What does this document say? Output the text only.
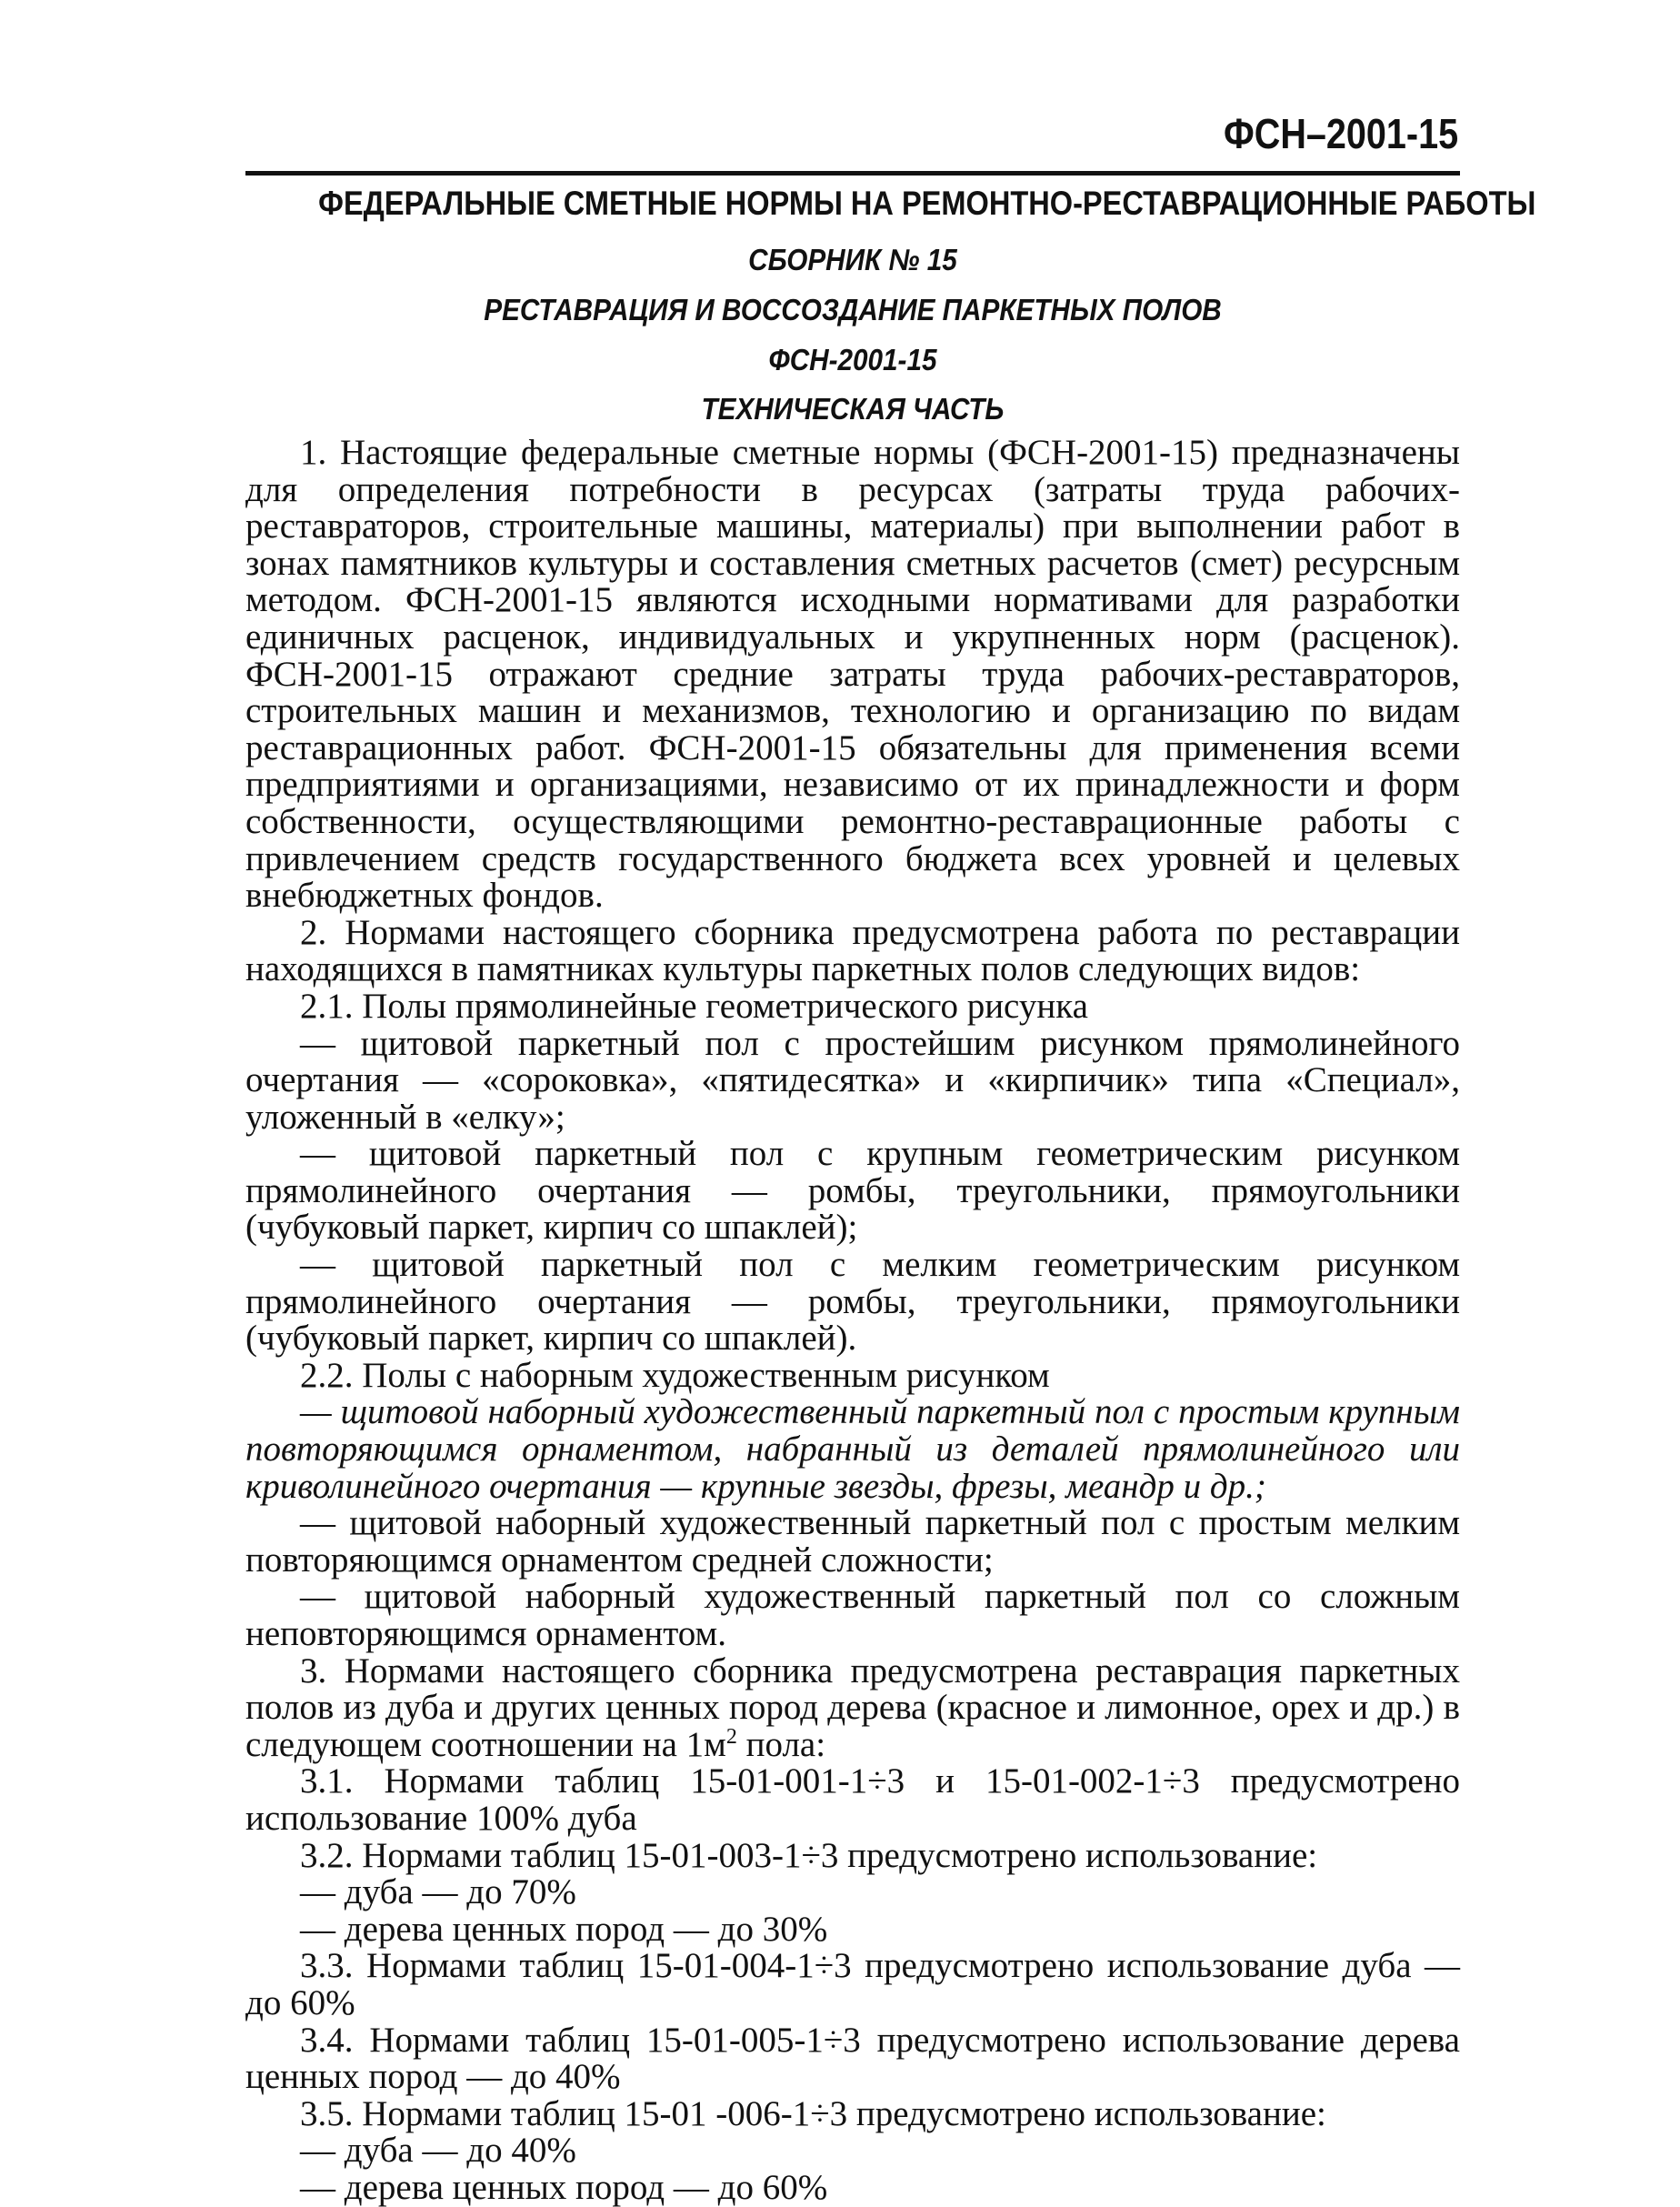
ФСН–2001-15
ФЕДЕРАЛЬНЫЕ СМЕТНЫЕ НОРМЫ НА РЕМОНТНО-РЕСТАВРАЦИОННЫЕ РАБОТЫ
СБОРНИК № 15
РЕСТАВРАЦИЯ И ВОССОЗДАНИЕ ПАРКЕТНЫХ ПОЛОВ
ФСН-2001-15
ТЕХНИЧЕСКАЯ ЧАСТЬ

1. Настоящие федеральные сметные нормы (ФСН-2001-15) предназначены для определения потребности в ресурсах (затраты труда рабочих-реставраторов, строительные машины, материалы) при выполнении работ в зонах памятников культуры и составления сметных расчетов (смет) ресурсным методом. ФСН-2001-15 являются исходными нормативами для разработки единичных расценок, индивидуальных и укрупненных норм (расценок). ФСН-2001-15 отражают средние затраты труда рабочих-реставраторов, строительных машин и механизмов, технологию и организацию по видам реставрационных работ. ФСН-2001-15 обязательны для применения всеми предприятиями и организациями, независимо от их принадлежности и форм собственности, осуществляющими ремонтно-реставрационные работы с привлечением средств государственного бюджета всех уровней и целевых внебюджетных фондов.

2. Нормами настоящего сборника предусмотрена работа по реставрации находящихся в памятниках культуры паркетных полов следующих видов:

2.1. Полы прямолинейные геометрического рисунка

— щитовой паркетный пол с простейшим рисунком прямолинейного очертания — «сороковка», «пятидесятка» и «кирпичик» типа «Специал», уложенный в «елку»;

— щитовой паркетный пол с крупным геометрическим рисунком прямолинейного очертания — ромбы, треугольники, прямоугольники (чубуковый паркет, кирпич со шпаклей);

— щитовой паркетный пол с мелким геометрическим рисунком прямолинейного очертания — ромбы, треугольники, прямоугольники (чубуковый паркет, кирпич со шпаклей).

2.2. Полы с наборным художественным рисунком

— щитовой наборный художественный паркетный пол с простым крупным повторяющимся орнаментом, набранный из деталей прямолинейного или криволинейного очертания — крупные звезды, фрезы, меандр и др.;

— щитовой наборный художественный паркетный пол с простым мелким повторяющимся орнаментом средней сложности;

— щитовой наборный художественный паркетный пол со сложным неповторяющимся орнаментом.

3. Нормами настоящего сборника предусмотрена реставрация паркетных полов из дуба и других ценных пород дерева (красное и лимонное, орех и др.) в следующем соотношении на $1м^2$ пола:

3.1. Нормами таблиц 15-01-001-1÷3 и 15-01-002-1÷3 предусмотрено использование 100% дуба

3.2. Нормами таблиц 15-01-003-1÷3 предусмотрено использование:

— дуба — до 70%

— дерева ценных пород — до 30%

3.3. Нормами таблиц 15-01-004-1÷3 предусмотрено использование дуба — до 60%

3.4. Нормами таблиц 15-01-005-1÷3 предусмотрено использование дерева ценных пород — до 40%

3.5. Нормами таблиц 15-01 -006-1÷3 предусмотрено использование:

— дуба — до 40%

— дерева ценных пород — до 60%
